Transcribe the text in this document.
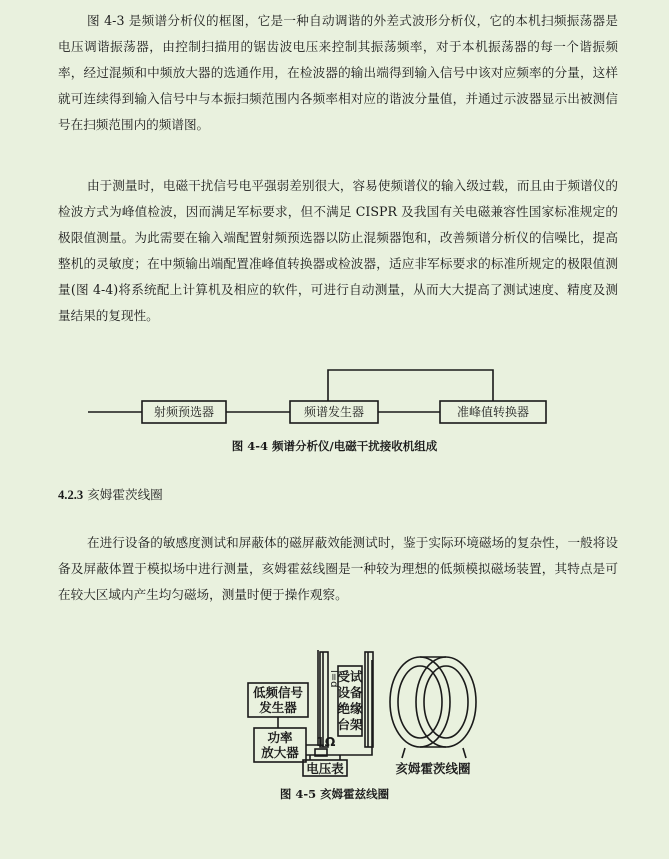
图 4-3 是频谱分析仪的框图，它是一种自动调谐的外差式波形分析仪，它的本机扫频振荡器是电压调谐振荡器，由控制扫描用的锯齿波电压来控制其振荡频率，对于本机振荡器的每一个谐振频率，经过混频和中频放大器的选通作用，在检波器的输出端得到输入信号中该对应频率的分量，这样就可连续得到输入信号中与本振扫频范围内各频率相对应的谐波分量值，并通过示波器显示出被测信号在扫频范围内的频谱图。

由于测量时，电磁干扰信号电平强弱差别很大，容易使频谱仪的输入级过载，而且由于频谱仪的检波方式为峰值检波，因而满足军标要求，但不满足 CISPR 及我国有关电磁兼容性国家标准规定的极限值测量。为此需要在输入端配置射频预选器以防止混频器饱和，改善频谱分析仪的信噪比，提高整机的灵敏度；在中频输出端配置准峰值转换器或检波器，适应非军标要求的标准所规定的极限值测量(图 4-4)将系统配上计算机及相应的软件，可进行自动测量，从而大大提高了测试速度、精度及测量结果的复现性。

射频预选器	频谱发生器	准峰值转换器

图 4-4 频谱分析仪/电磁干扰接收机组成

4.2.3 亥姆霍茨线圈

在进行设备的敏感度测试和屏蔽体的磁屏蔽效能测试时，鉴于实际环境磁场的复杂性，一般将设备及屏蔽体置于模拟场中进行测量，亥姆霍兹线圈是一种较为理想的低频模拟磁场装置，其特点是可在较大区域内产生均匀磁场，测量时便于操作观察。

低频信号
发生器
功率
放大器
1Ω
电压表
l=d
受试
设备
绝缘
台架
亥姆霍茨线圈

图 4-5 亥姆霍兹线圈
